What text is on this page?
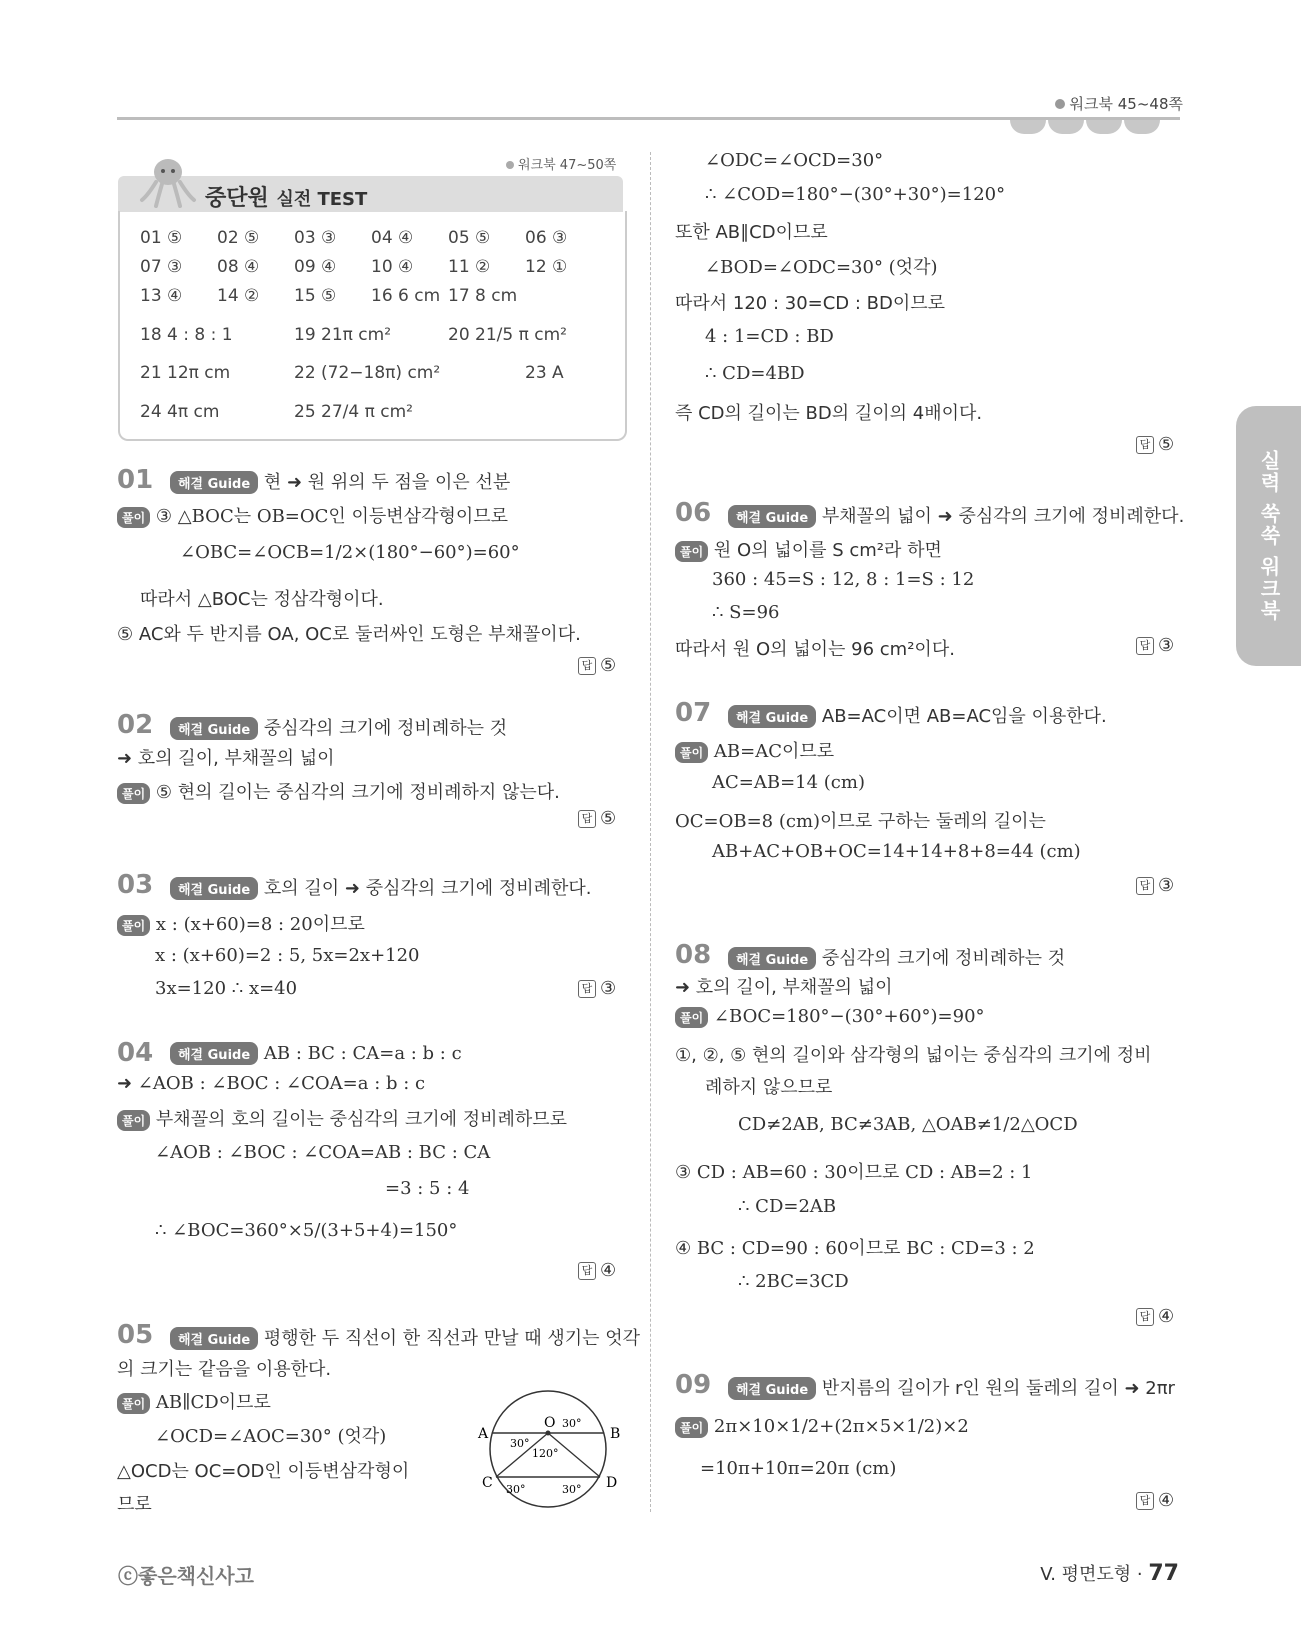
워크북 45~48쪽
실력 쑥쑥 워크북
워크북 47~50쪽
중단원 실전 TEST
01 ⑤ 02 ⑤ 03 ③ 04 ④ 05 ⑤ 06 ③
07 ③ 08 ④ 09 ④ 10 ④ 11 ② 12 ①
13 ④ 14 ② 15 ⑤ 16 6 cm 17 8 cm
18 4 : 8 : 1	19 21π cm²	20 21/5 π cm²
21 12π cm	22 (72−18π) cm²	23 A
24 4π cm	25 27/4 π cm²
01	해결 Guide 현 ➜ 원 위의 두 점을 이은 선분
풀이 ③ △BOC는 OB=OC인 이등변삼각형이므로
∠OBC=∠OCB=1/2×(180°−60°)=60°
따라서 △BOC는 정삼각형이다.
⑤ AC와 두 반지름 OA, OC로 둘러싸인 도형은 부채꼴이다.
답 ⑤
02	해결 Guide 중심각의 크기에 정비례하는 것
➜ 호의 길이, 부채꼴의 넓이
풀이 ⑤ 현의 길이는 중심각의 크기에 정비례하지 않는다.
답 ⑤
03	해결 Guide 호의 길이 ➜ 중심각의 크기에 정비례한다.
풀이 x : (x+60)=8 : 20이므로
x : (x+60)=2 : 5, 5x=2x+120
3x=120 ∴ x=40	답 ③
04	해결 Guide AB : BC : CA=a : b : c
➜ ∠AOB : ∠BOC : ∠COA=a : b : c
풀이 부채꼴의 호의 길이는 중심각의 크기에 정비례하므로
∠AOB : ∠BOC : ∠COA=AB : BC : CA
=3 : 5 : 4
∴ ∠BOC=360°×5/(3+5+4)=150°
답 ④
05	해결 Guide 평행한 두 직선이 한 직선과 만날 때 생기는 엇각
의 크기는 같음을 이용한다.
풀이 AB∥CD이므로
∠OCD=∠AOC=30° (엇각)
△OCD는 OC=OD인 이등변삼각형이
므로
A	B
C	D
O 30°
30°
120°
30°	30°
∠ODC=∠OCD=30°
∴ ∠COD=180°−(30°+30°)=120°
또한 AB∥CD이므로
∠BOD=∠ODC=30° (엇각)
따라서 120 : 30=CD : BD이므로
4 : 1=CD : BD
∴ CD=4BD
즉 CD의 길이는 BD의 길이의 4배이다.
답 ⑤
06	해결 Guide 부채꼴의 넓이 ➜ 중심각의 크기에 정비례한다.
풀이 원 O의 넓이를 S cm²라 하면
360 : 45=S : 12, 8 : 1=S : 12
∴ S=96
따라서 원 O의 넓이는 96 cm²이다.	답 ③
07	해결 Guide AB=AC이면 AB=AC임을 이용한다.
풀이 AB=AC이므로
AC=AB=14 (cm)
OC=OB=8 (cm)이므로 구하는 둘레의 길이는
AB+AC+OB+OC=14+14+8+8=44 (cm)
답 ③
08	해결 Guide 중심각의 크기에 정비례하는 것
➜ 호의 길이, 부채꼴의 넓이
풀이 ∠BOC=180°−(30°+60°)=90°
①, ②, ⑤ 현의 길이와 삼각형의 넓이는 중심각의 크기에 정비
례하지 않으므로
CD≠2AB, BC≠3AB, △OAB≠1/2△OCD
③ CD : AB=60 : 30이므로 CD : AB=2 : 1
∴ CD=2AB
④ BC : CD=90 : 60이므로 BC : CD=3 : 2
∴ 2BC=3CD
답 ④
09	해결 Guide 반지름의 길이가 r인 원의 둘레의 길이 ➜ 2πr
풀이 2π×10×1/2+(2π×5×1/2)×2
=10π+10π=20π (cm)
답 ④
ⓒ좋은책신사고	V. 평면도형 · 77
